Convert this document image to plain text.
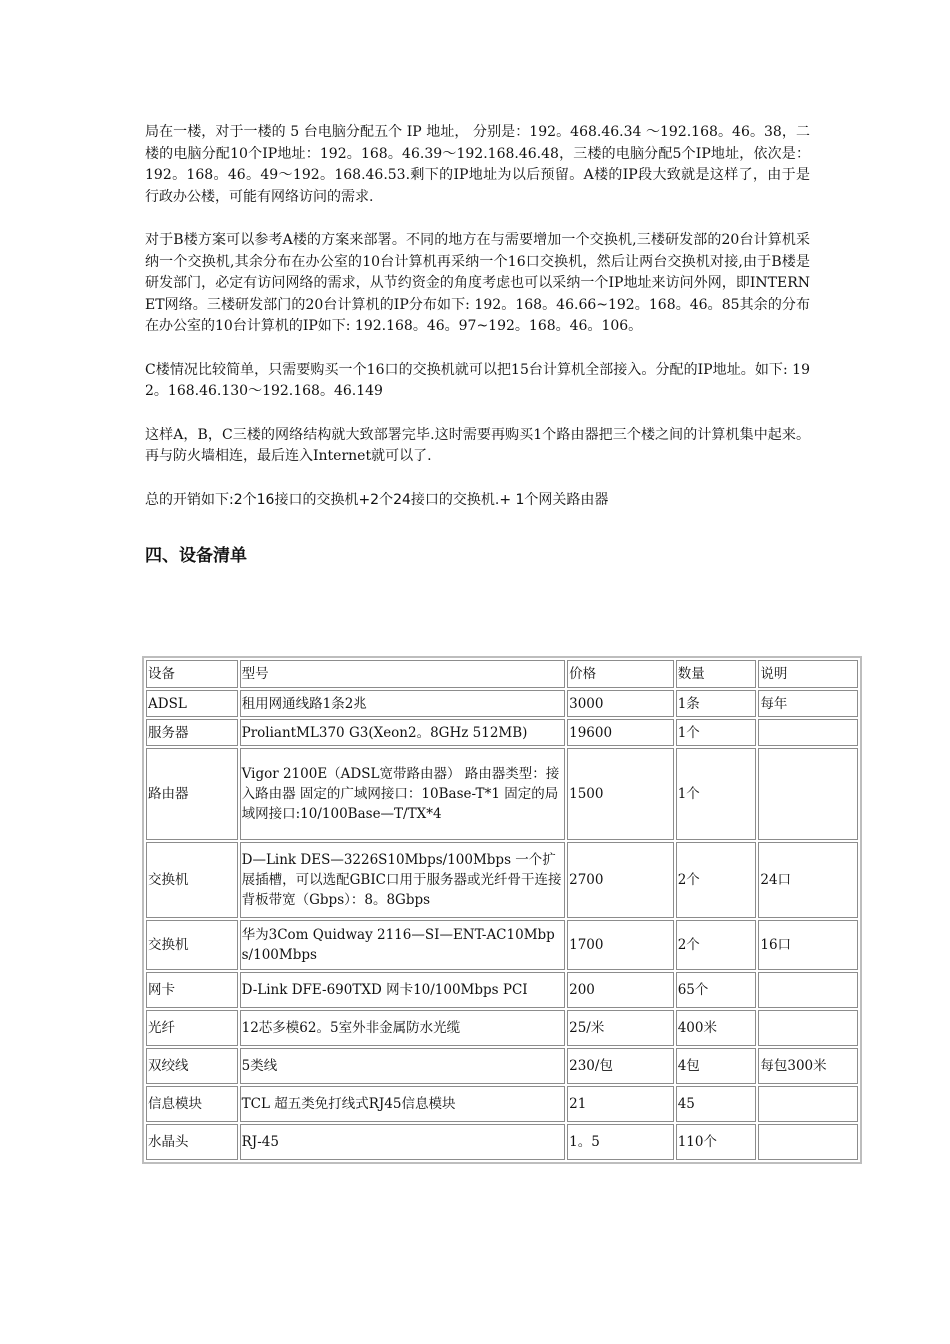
局在一楼，对于一楼的 5 台电脑分配五个 IP 地址， 分别是：192。468.46.34 ～192.168。46。38，二楼的电脑分配10个IP地址：192。168。46.39～192.168.46.48，三楼的电脑分配5个IP地址，依次是：192。168。46。49～192。168.46.53.剩下的IP地址为以后预留。A楼的IP段大致就是这样了，由于是行政办公楼，可能有网络访问的需求.

对于B楼方案可以参考A楼的方案来部署。不同的地方在与需要增加一个交换机,三楼研发部的20台计算机采纳一个交换机,其余分布在办公室的10台计算机再采纳一个16口交换机，然后让两台交换机对接,由于B楼是研发部门，必定有访问网络的需求，从节约资金的角度考虑也可以采纳一个IP地址来访问外网，即INTERNET网络。三楼研发部门的20台计算机的IP分布如下: 192。168。46.66~192。168。46。85其余的分布在办公室的10台计算机的IP如下: 192.168。46。97~192。168。46。106。

C楼情况比较简单，只需要购买一个16口的交换机就可以把15台计算机全部接入。分配的IP地址。如下: 192。168.46.130～192.168。46.149

这样A，B，C三楼的网络结构就大致部署完毕.这时需要再购买1个路由器把三个楼之间的计算机集中起来。再与防火墙相连，最后连入Internet就可以了.

总的开销如下:2个16接口的交换机+2个24接口的交换机.+ 1个网关路由器

四、设备清单
设备	型号	价格	数量	说明
ADSL	租用网通线路1条2兆	3000	1条	每年
服务器	ProliantML370 G3(Xeon2。8GHz 512MB)	19600	1个	
路由器	Vigor 2100E（ADSL宽带路由器） 路由器类型：接入路由器 固定的广域网接口：10Base-T*1 固定的局域网接口:10/100Base—T/TX*4	1500	1个	
交换机	D—Link DES—3226S10Mbps/100Mbps 一个扩展插槽，可以选配GBIC口用于服务器或光纤骨干连接 背板带宽（Gbps）：8。8Gbps	2700	2个	24口
交换机	华为3Com Quidway 2116—SI—ENT-AC10Mbps/100Mbps	1700	2个	16口
网卡	D-Link DFE-690TXD 网卡10/100Mbps PCI	200	65个	
光纤	12芯多模62。5室外非金属防水光缆	25/米	400米	
双绞线	5类线	230/包	4包	每包300米
信息模块	TCL 超五类免打线式RJ45信息模块	21	45	
水晶头	RJ-45	1。5	110个	
